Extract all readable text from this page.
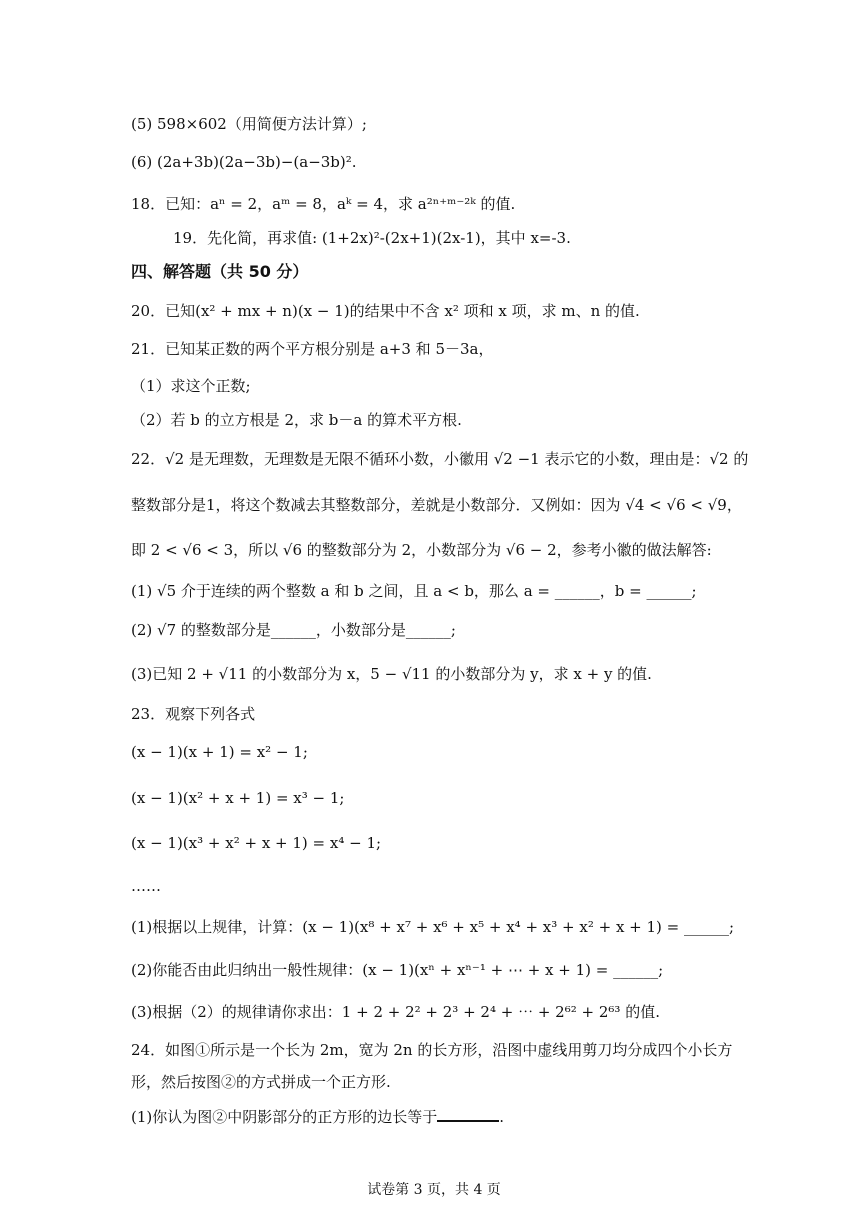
(5) 598×602（用简便方法计算）;
(6) (2a+3b)(2a−3b)−(a−3b)².
18．已知：aⁿ = 2，aᵐ = 8，aᵏ = 4，求 a²ⁿ⁺ᵐ⁻²ᵏ 的值.
19．先化简，再求值: (1+2x)²-(2x+1)(2x-1)，其中 x=-3.
四、解答题（共 50 分）
20．已知(x² + mx + n)(x − 1)的结果中不含 x² 项和 x 项，求 m、n 的值.
21．已知某正数的两个平方根分别是 a+3 和 5－3a，
（1）求这个正数;
（2）若 b 的立方根是 2，求 b－a 的算术平方根.
22．√2 是无理数，无理数是无限不循环小数，小徽用 √2 −1 表示它的小数，理由是：√2 的
整数部分是1，将这个数减去其整数部分，差就是小数部分．又例如：因为 √4 < √6 < √9，
即 2 < √6 < 3，所以 √6 的整数部分为 2，小数部分为 √6 − 2，参考小徽的做法解答:
(1) √5 介于连续的两个整数 a 和 b 之间，且 a < b，那么 a = ______，b = ______;
(2) √7 的整数部分是______，小数部分是______;
(3)已知 2 + √11 的小数部分为 x，5 − √11 的小数部分为 y，求 x + y 的值.
23．观察下列各式
(x − 1)(x + 1) = x² − 1;
(x − 1)(x² + x + 1) = x³ − 1;
(x − 1)(x³ + x² + x + 1) = x⁴ − 1;
……
(1)根据以上规律，计算：(x − 1)(x⁸ + x⁷ + x⁶ + x⁵ + x⁴ + x³ + x² + x + 1) = ______;
(2)你能否由此归纳出一般性规律：(x − 1)(xⁿ + xⁿ⁻¹ + ⋯ + x + 1) = ______;
(3)根据（2）的规律请你求出：1 + 2 + 2² + 2³ + 2⁴ + ⋯ + 2⁶² + 2⁶³ 的值.
24．如图①所示是一个长为 2m，宽为 2n 的长方形，沿图中虚线用剪刀均分成四个小长方
形，然后按图②的方式拼成一个正方形.
(1)你认为图②中阴影部分的正方形的边长等于	.
试卷第 3 页，共 4 页
